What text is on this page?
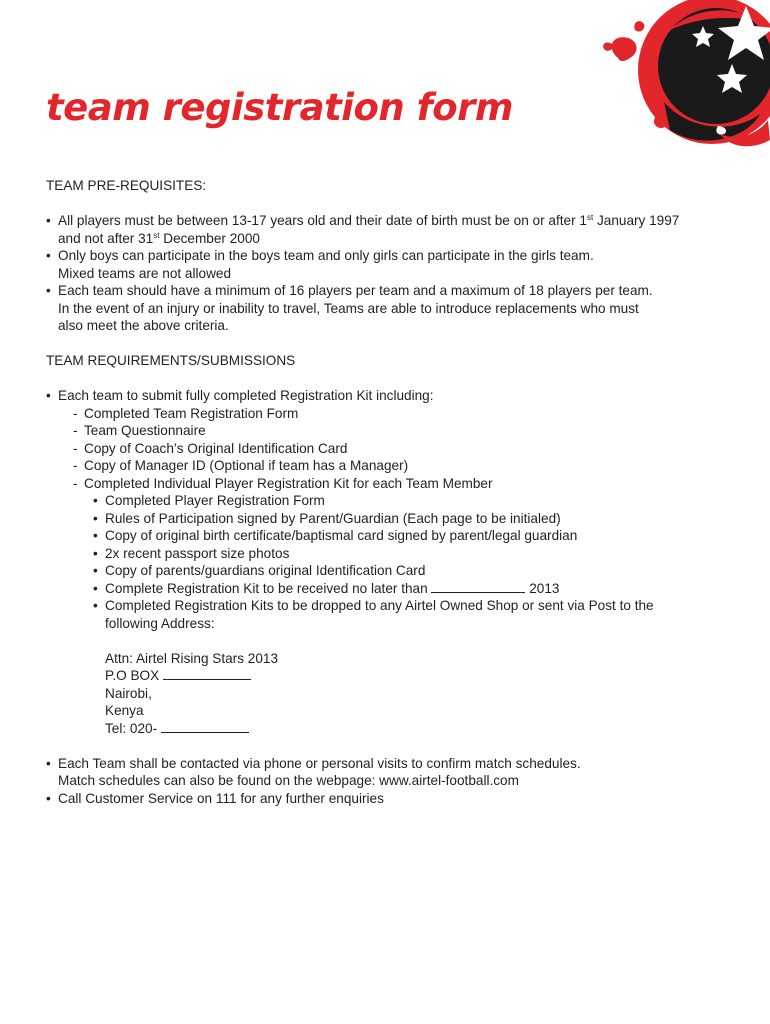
team registration form
TEAM PRE-REQUISITES:
• All players must be between 13-17 years old and their date of birth must be on or after 1st January 1997
and not after 31st December 2000
• Only boys can participate in the boys team and only girls can participate in the girls team.
Mixed teams are not allowed
• Each team should have a minimum of 16 players per team and a maximum of 18 players per team.
In the event of an injury or inability to travel, Teams are able to introduce replacements who must
also meet the above criteria.
TEAM REQUIREMENTS/SUBMISSIONS
• Each team to submit fully completed Registration Kit including:
- Completed Team Registration Form
- Team Questionnaire
- Copy of Coach’s Original Identification Card
- Copy of Manager ID (Optional if team has a Manager)
- Completed Individual Player Registration Kit for each Team Member
• Completed Player Registration Form
• Rules of Participation signed by Parent/Guardian (Each page to be initialed)
• Copy of original birth certificate/baptismal card signed by parent/legal guardian
• 2x recent passport size photos
• Copy of parents/guardians original Identification Card
• Complete Registration Kit to be received no later than	2013
• Completed Registration Kits to be dropped to any Airtel Owned Shop or sent via Post to the
following Address:
Attn: Airtel Rising Stars 2013
P.O BOX
Nairobi,
Kenya
Tel: 020-
• Each Team shall be contacted via phone or personal visits to confirm match schedules.
Match schedules can also be found on the webpage: www.airtel-football.com
• Call Customer Service on 111 for any further enquiries
